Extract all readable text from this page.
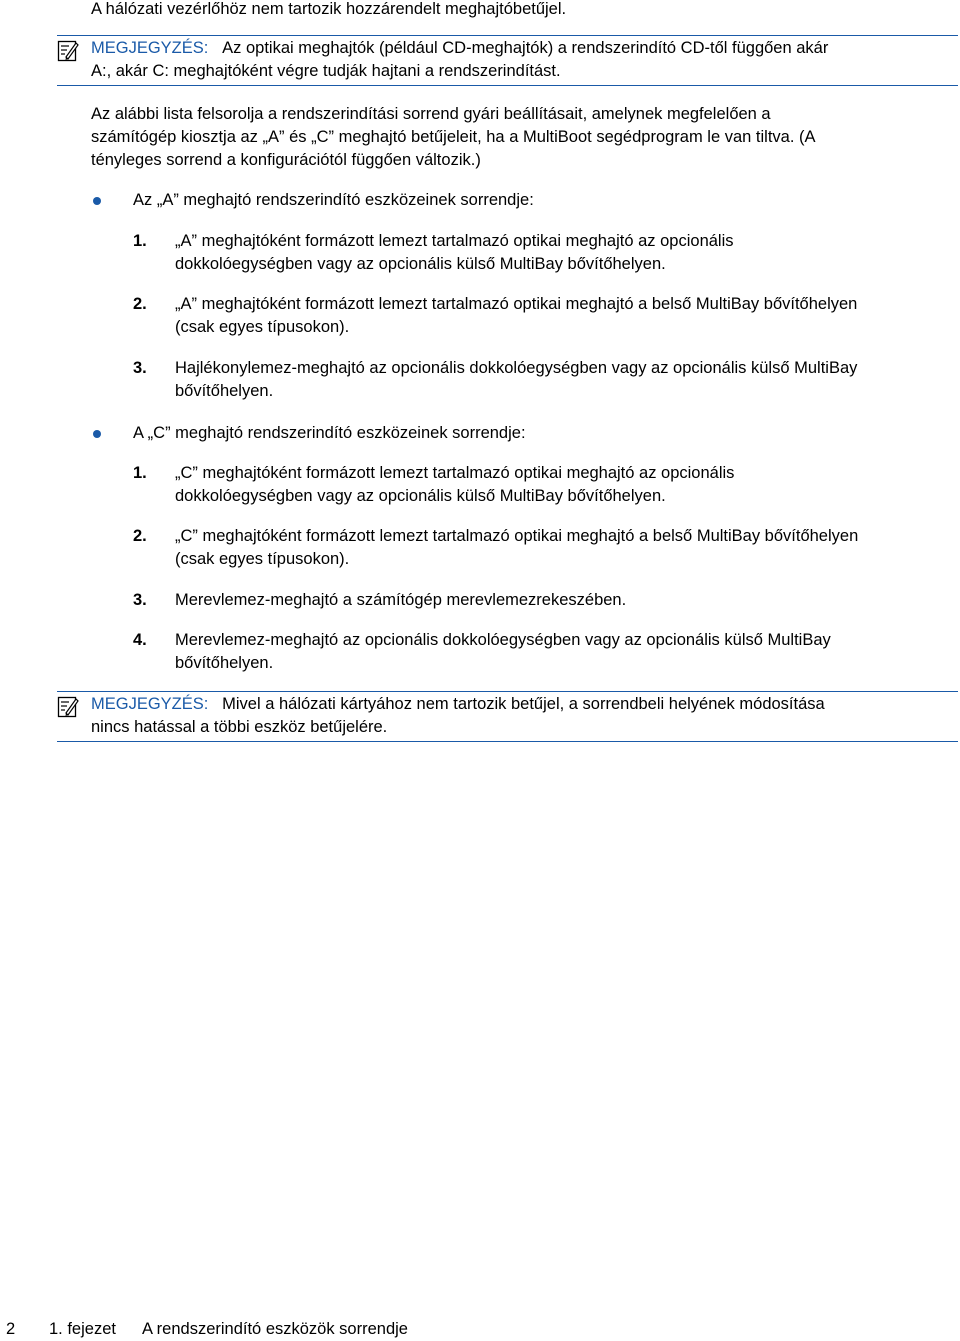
A hálózati vezérlőhöz nem tartozik hozzárendelt meghajtóbetűjel.
MEGJEGYZÉS: Az optikai meghajtók (például CD-meghajtók) a rendszerindító CD-től függően akár
A:, akár C: meghajtóként végre tudják hajtani a rendszerindítást.
Az alábbi lista felsorolja a rendszerindítási sorrend gyári beállításait, amelynek megfelelően a
számítógép kiosztja az „A” és „C” meghajtó betűjeleit, ha a MultiBoot segédprogram le van tiltva. (A
tényleges sorrend a konfigurációtól függően változik.)
Az „A” meghajtó rendszerindító eszközeinek sorrendje:
1. „A” meghajtóként formázott lemezt tartalmazó optikai meghajtó az opcionális
dokkolóegységben vagy az opcionális külső MultiBay bővítőhelyen.
2. „A” meghajtóként formázott lemezt tartalmazó optikai meghajtó a belső MultiBay bővítőhelyen
(csak egyes típusokon).
3. Hajlékonylemez-meghajtó az opcionális dokkolóegységben vagy az opcionális külső MultiBay
bővítőhelyen.
A „C” meghajtó rendszerindító eszközeinek sorrendje:
1. „C” meghajtóként formázott lemezt tartalmazó optikai meghajtó az opcionális
dokkolóegységben vagy az opcionális külső MultiBay bővítőhelyen.
2. „C” meghajtóként formázott lemezt tartalmazó optikai meghajtó a belső MultiBay bővítőhelyen
(csak egyes típusokon).
3. Merevlemez-meghajtó a számítógép merevlemezrekeszében.
4. Merevlemez-meghajtó az opcionális dokkolóegységben vagy az opcionális külső MultiBay
bővítőhelyen.
MEGJEGYZÉS: Mivel a hálózati kártyához nem tartozik betűjel, a sorrendbeli helyének módosítása
nincs hatással a többi eszköz betűjelére.
2 1. fejezet A rendszerindító eszközök sorrendje
